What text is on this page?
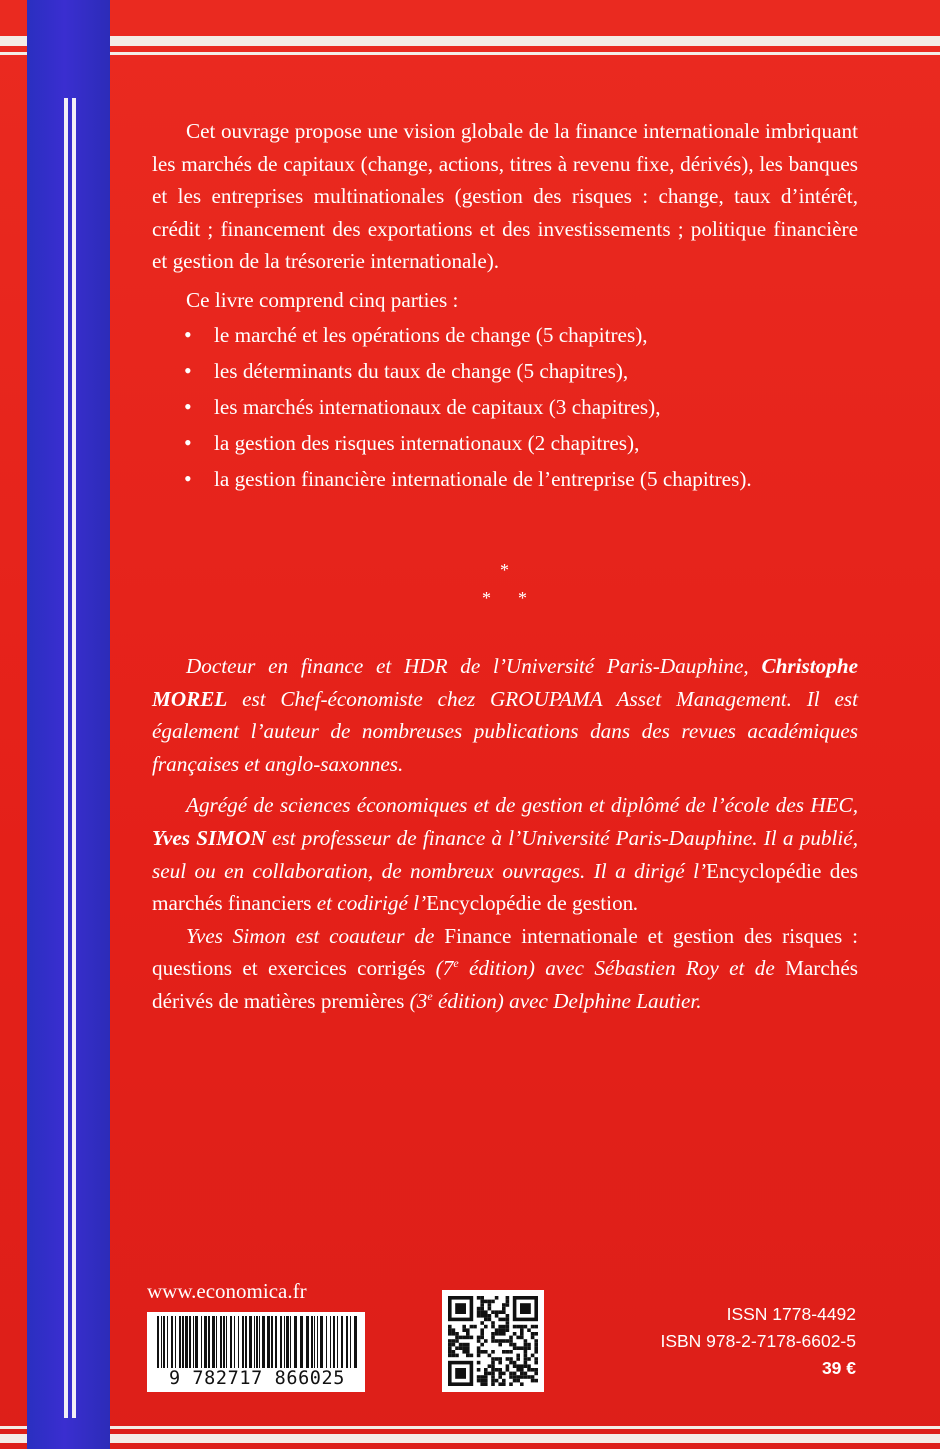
Cet ouvrage propose une vision globale de la finance internationale imbriquant les marchés de capitaux (change, actions, titres à revenu fixe, dérivés), les banques et les entreprises multinationales (gestion des risques : change, taux d’intérêt, crédit ; financement des exportations et des investissements ; politique financière et gestion de la trésorerie internationale).

Ce livre comprend cinq parties :

• le marché et les opérations de change (5 chapitres),
• les déterminants du taux de change (5 chapitres),
• les marchés internationaux de capitaux (3 chapitres),
• la gestion des risques internationaux (2 chapitres),
• la gestion financière internationale de l’entreprise (5 chapitres).
*
* *

Docteur en finance et HDR de l’Université Paris-Dauphine, Christophe MOREL est Chef-économiste chez GROUPAMA Asset Management. Il est également l’auteur de nombreuses publications dans des revues académiques françaises et anglo-saxonnes.

Agrégé de sciences économiques et de gestion et diplômé de l’école des HEC, Yves SIMON est professeur de finance à l’Université Paris-Dauphine. Il a publié, seul ou en collaboration, de nombreux ouvrages. Il a dirigé l’Encyclopédie des marchés financiers et codirigé l’Encyclopédie de gestion.

Yves Simon est coauteur de Finance internationale et gestion des risques : questions et exercices corrigés (7e édition) avec Sébastien Roy et de Marchés dérivés de matières premières (3e édition) avec Delphine Lautier.

www.economica.fr
9 782717 866025
ISSN 1778-4492
ISBN 978-2-7178-6602-5
39 €
